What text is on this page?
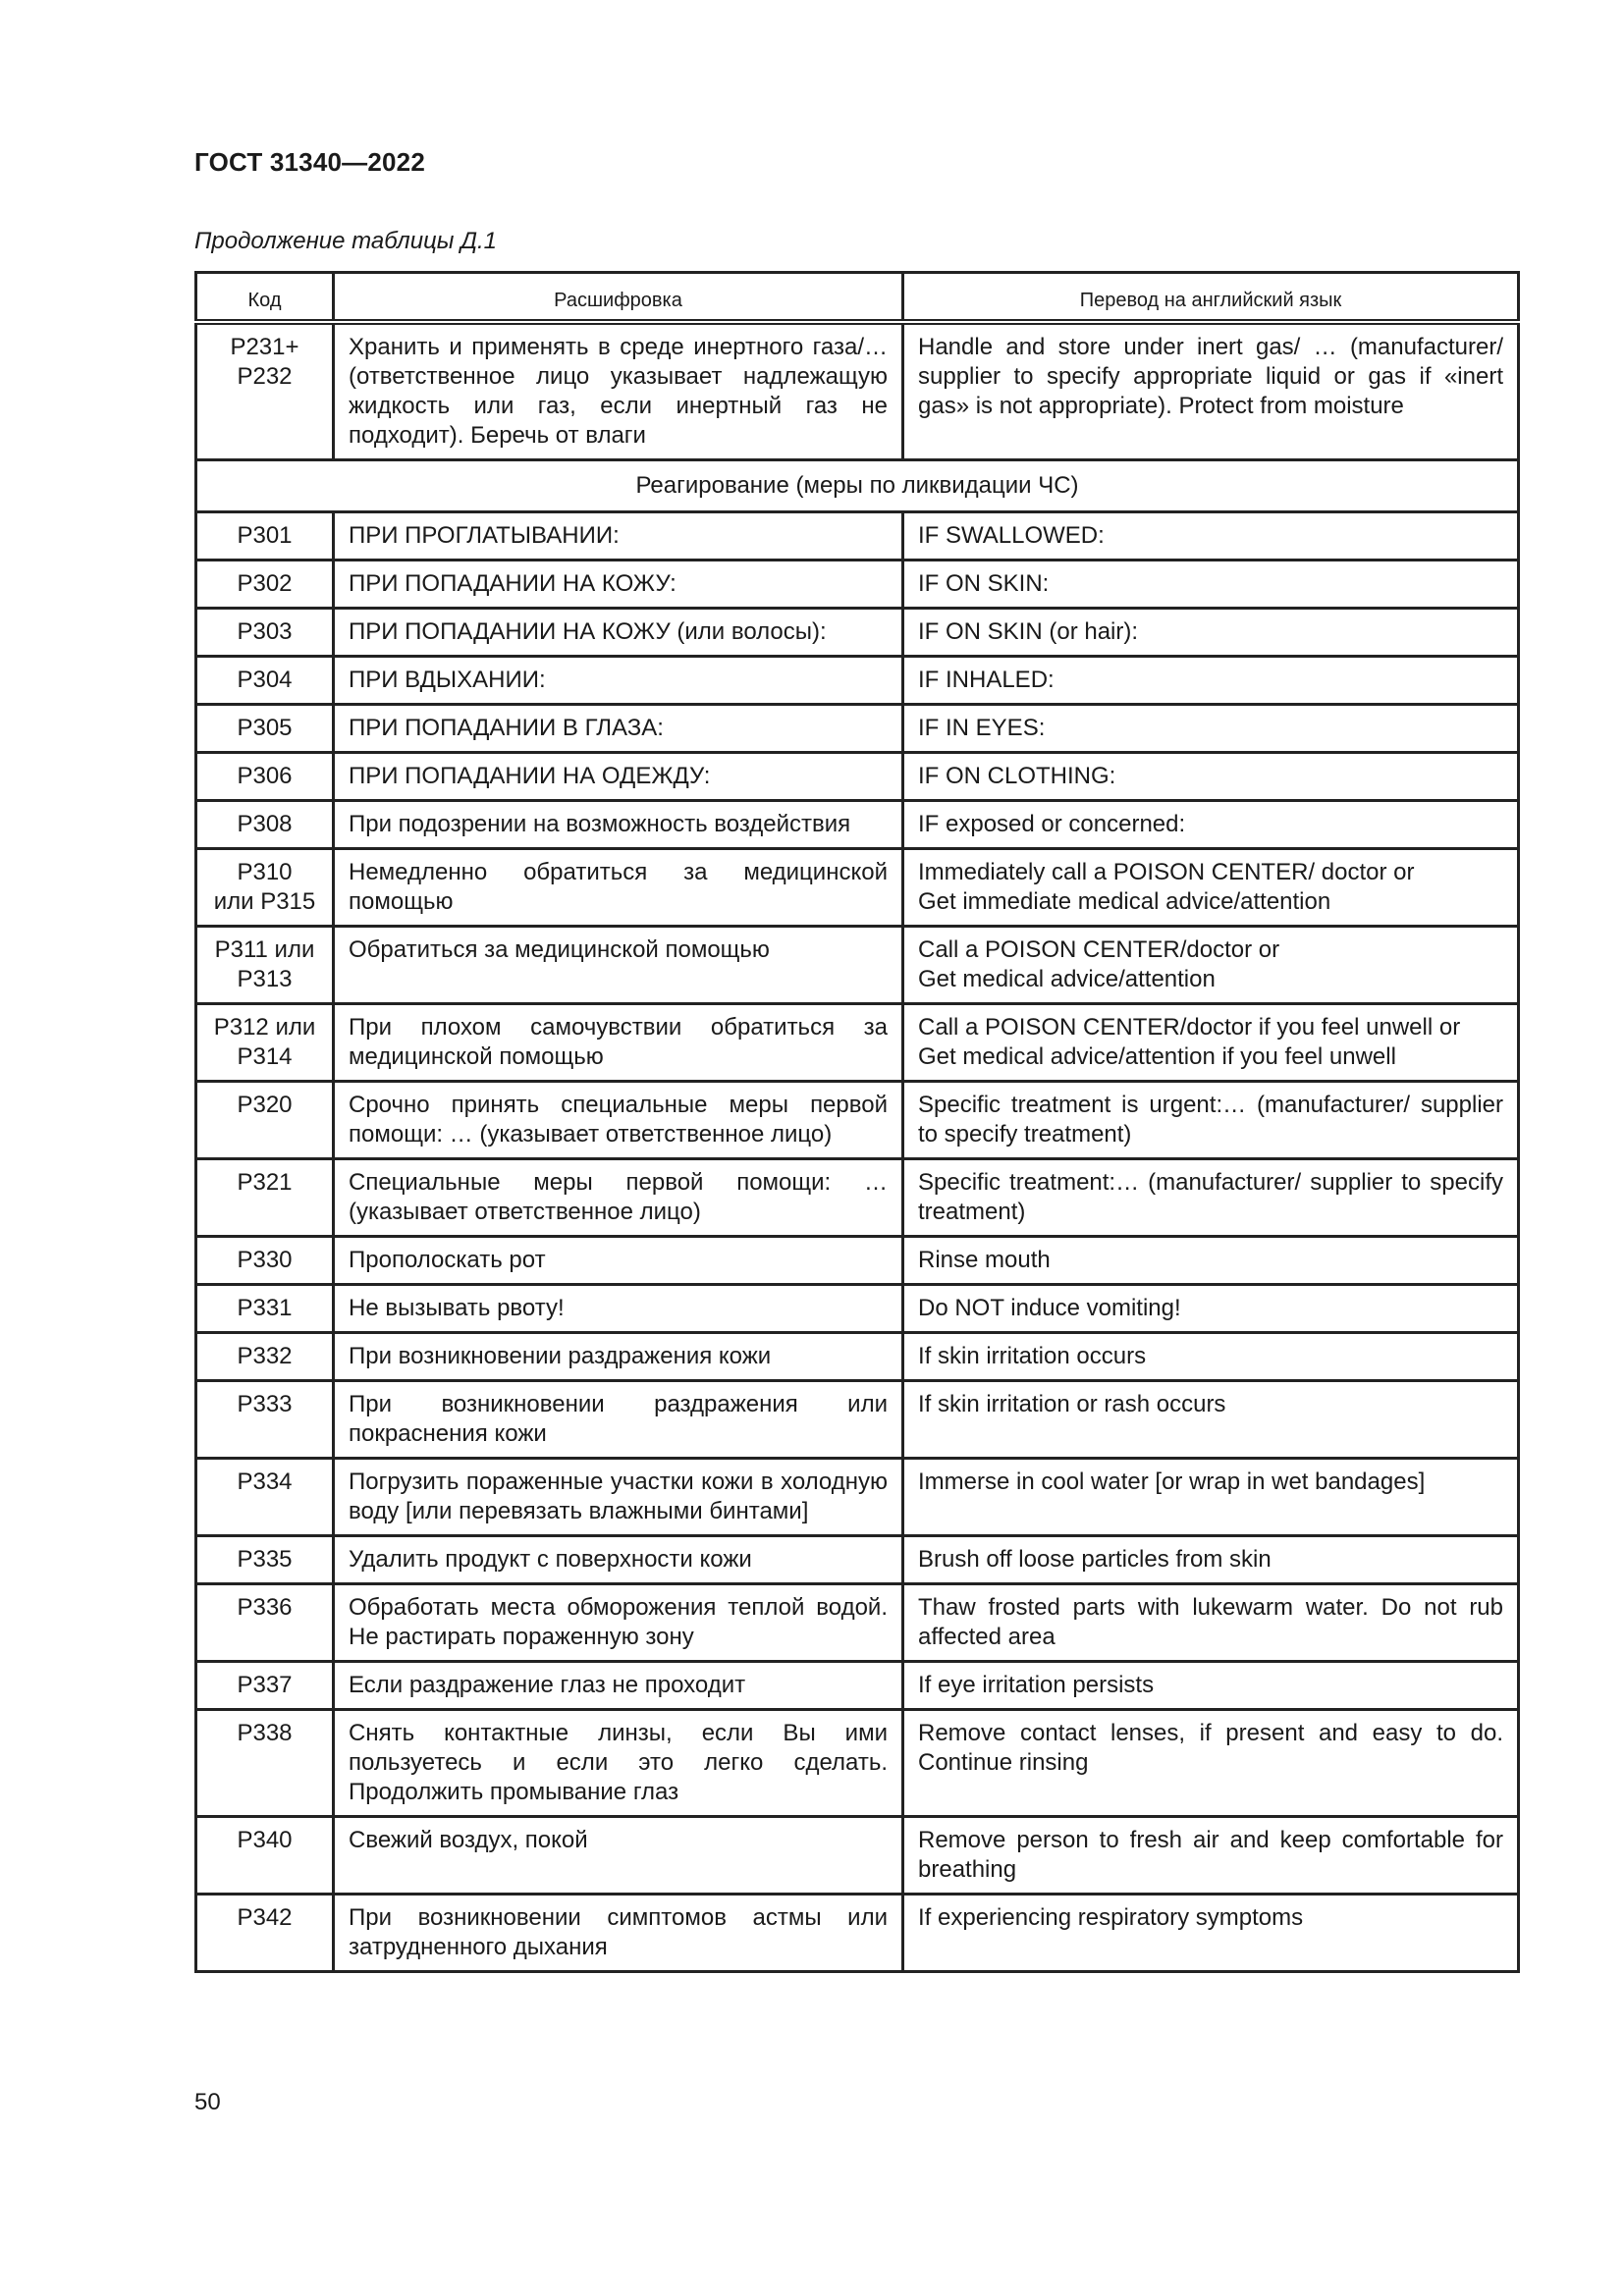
ГОСТ 31340—2022
Продолжение таблицы Д.1
Код	Расшифровка	Перевод на английский язык
P231+
P232	Хранить и применять в среде инертного газа/…(ответственное лицо указывает надлежащую жидкость или газ, если инертный газ не подходит). Беречь от влаги	Handle and store under inert gas/ … (manufacturer/ supplier to specify appropriate liquid or gas if «inert gas» is not appropriate). Protect from moisture
Реагирование (меры по ликвидации ЧС)		
P301	ПРИ ПРОГЛАТЫВАНИИ:	IF SWALLOWED:
P302	ПРИ ПОПАДАНИИ НА КОЖУ:	IF ON SKIN:
P303	ПРИ ПОПАДАНИИ НА КОЖУ (или волосы):	IF ON SKIN (or hair):
P304	ПРИ ВДЫХАНИИ:	IF INHALED:
P305	ПРИ ПОПАДАНИИ В ГЛАЗА:	IF IN EYES:
P306	ПРИ ПОПАДАНИИ НА ОДЕЖДУ:	IF ON CLOTHING:
P308	При подозрении на возможность воздействия	IF exposed or concerned:
P310
или P315	Немедленно обратиться за медицинской помощью	Immediately call a POISON CENTER/ doctor or
Get immediate medical advice/attention
P311 или
P313	Обратиться за медицинской помощью	Call a POISON CENTER/doctor or
Get medical advice/attention
P312 или
P314	При плохом самочувствии обратиться за медицинской помощью	Call a POISON CENTER/doctor if you feel unwell or
Get medical advice/attention if you feel unwell
P320	Срочно принять специальные меры первой помощи: … (указывает ответственное лицо)	Specific treatment is urgent:… (manufacturer/ supplier to specify treatment)
P321	Специальные меры первой помощи: … (указывает ответственное лицо)	Specific treatment:… (manufacturer/ supplier to specify treatment)
P330	Прополоскать рот	Rinse mouth
P331	Не вызывать рвоту!	Do NOT induce vomiting!
P332	При возникновении раздражения кожи	If skin irritation occurs
P333	При возникновении раздражения или покраснения кожи	If skin irritation or rash occurs
P334	Погрузить пораженные участки кожи в холодную воду [или перевязать влажными бинтами]	Immerse in cool water [or wrap in wet bandages]
P335	Удалить продукт с поверхности кожи	Brush off loose particles from skin
P336	Обработать места обморожения теплой водой. Не растирать пораженную зону	Thaw frosted parts with lukewarm water. Do not rub affected area
P337	Если раздражение глаз не проходит	If eye irritation persists
P338	Снять контактные линзы, если Вы ими пользуетесь и если это легко сделать. Продолжить промывание глаз	Remove contact lenses, if present and easy to do. Continue rinsing
P340	Свежий воздух, покой	Remove person to fresh air and keep comfortable for breathing
P342	При возникновении симптомов астмы или затрудненного дыхания	If experiencing respiratory symptoms
50
